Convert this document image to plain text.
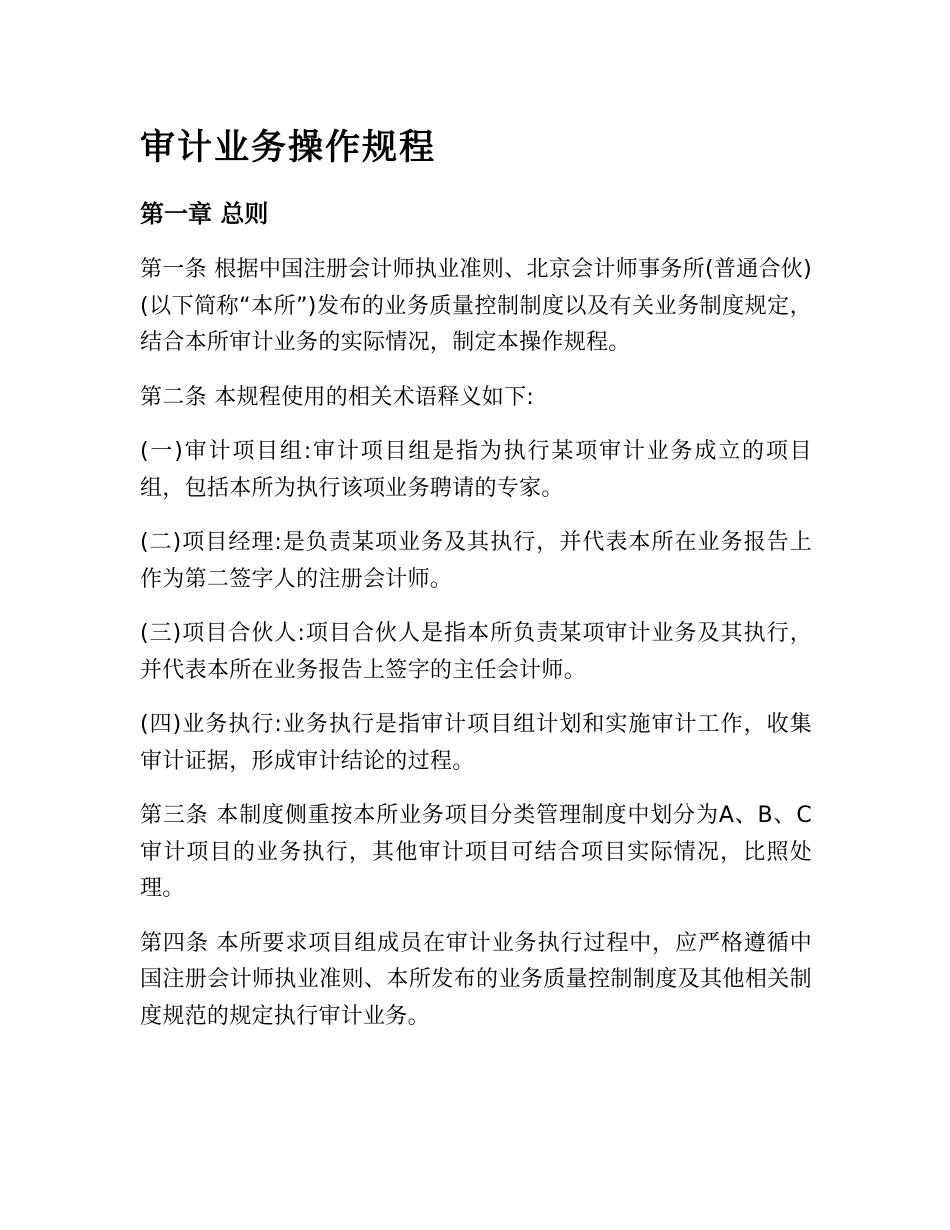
审计业务操作规程
第一章 总则

第一条 根据中国注册会计师执业准则、北京会计师事务所(普通合伙)(以下简称“本所”)发布的业务质量控制制度以及有关业务制度规定，结合本所审计业务的实际情况，制定本操作规程。

第二条 本规程使用的相关术语释义如下:

(一)审计项目组:审计项目组是指为执行某项审计业务成立的项目组，包括本所为执行该项业务聘请的专家。

(二)项目经理:是负责某项业务及其执行，并代表本所在业务报告上作为第二签字人的注册会计师。

(三)项目合伙人:项目合伙人是指本所负责某项审计业务及其执行，并代表本所在业务报告上签字的主任会计师。

(四)业务执行:业务执行是指审计项目组计划和实施审计工作，收集审计证据，形成审计结论的过程。

第三条 本制度侧重按本所业务项目分类管理制度中划分为A、B、C 审计项目的业务执行，其他审计项目可结合项目实际情况，比照处理。

第四条 本所要求项目组成员在审计业务执行过程中，应严格遵循中国注册会计师执业准则、本所发布的业务质量控制制度及其他相关制度规范的规定执行审计业务。
